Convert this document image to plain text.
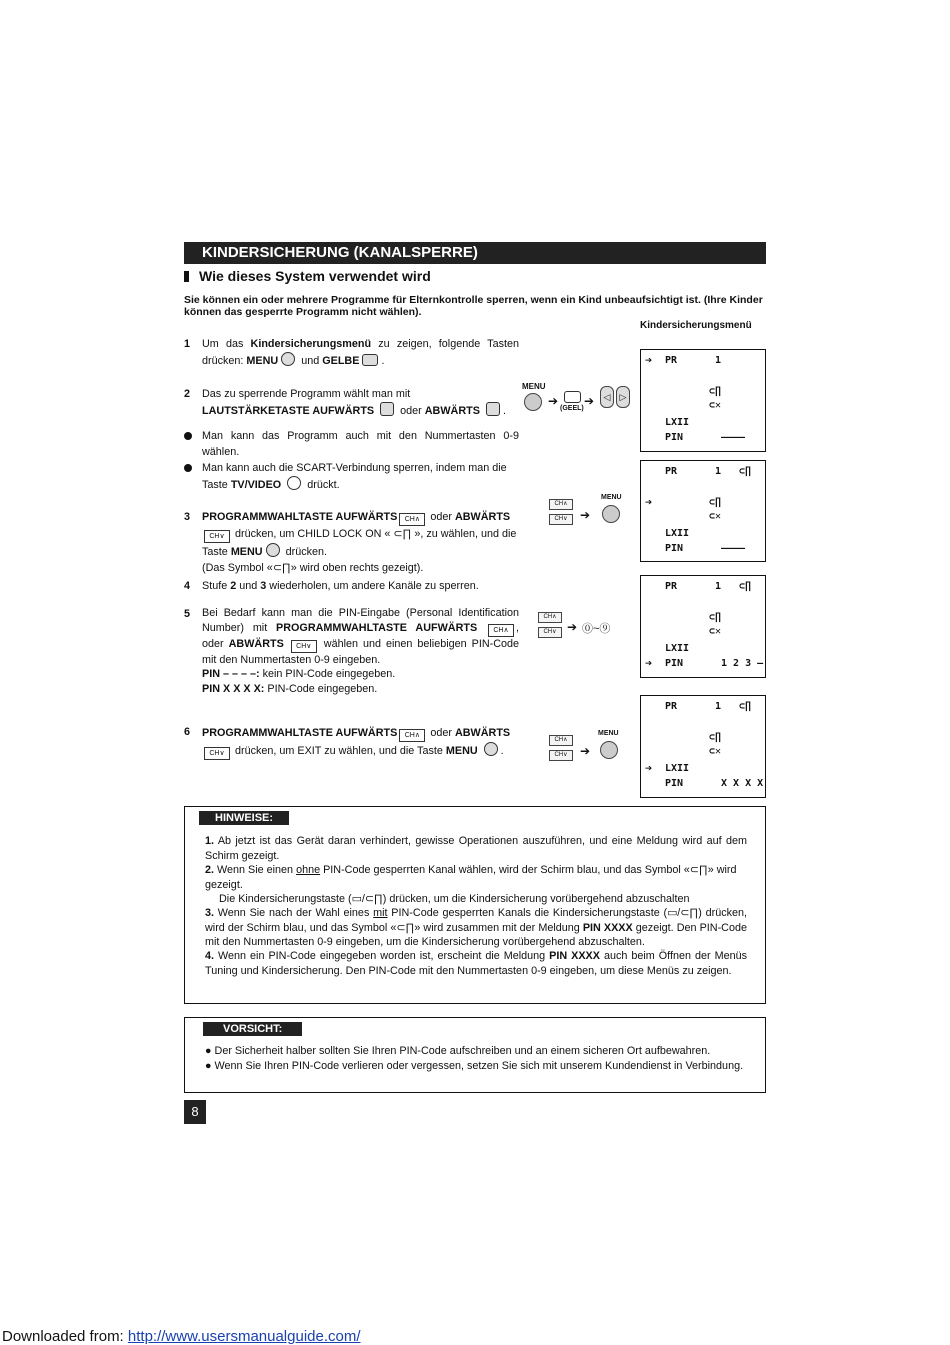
KINDERSICHERUNG (KANALSPERRE)
Wie dieses System verwendet wird
Sie können ein oder mehrere Programme für Elternkontrolle sperren, wenn ein Kind unbeaufsichtigt ist. (Ihre Kinder können das gesperrte Programm nicht wählen).
Kindersicherungsmenü
1 Um das Kindersicherungsmenü zu zeigen, folgende Tasten drücken: MENU und GELBE .
2 Das zu sperrende Programm wählt man mit
LAUTSTÄRKETASTE AUFWÄRTS  oder ABWÄRTS .
Man kann das Programm auch mit den Nummertasten 0-9 wählen.
Man kann auch die SCART-Verbindung sperren, indem man die Taste TV/VIDEO  drückt.
3 PROGRAMMWAHLTASTE AUFWÄRTS CH∧ oder ABWÄRTS
CH∨ drücken, um CHILD LOCK ON « ⊂∏ », zu wählen, und die Taste MENU drücken.
(Das Symbol «⊂∏» wird oben rechts gezeigt).
4 Stufe 2 und 3 wiederholen, um andere Kanäle zu sperren.
5 Bei Bedarf kann man die PIN-Eingabe (Personal Identification Number) mit PROGRAMMWAHLTASTE AUFWÄRTS CH∧ , oder ABWÄRTS CH∨ wählen und einen beliebigen PIN-Code mit den Nummertasten 0-9 eingeben.
PIN – – – –: kein PIN-Code eingegeben.
PIN X X X X: PIN-Code eingegeben.
6 PROGRAMMWAHLTASTE AUFWÄRTS CH∧ oder ABWÄRTS
CH∨ drücken, um EXIT zu wählen, und die Taste MENU .
MENU
➔
(GEEL)
➔	◁	▷
CH∧
CH∨	➔
MENU
CH∧
CH∨ ➔ ⓪~⑨
CH∧
CH∨	➔
MENU
➔ PR	1
⊂∏
⊂✕
LXII
PIN	––––
PR	1 ⊂∏
➔	⊂∏
⊂✕
LXII
PIN	––––
PR	1 ⊂∏
⊂∏
⊂✕
LXII
➔ PIN	1 2 3 –
PR	1 ⊂∏
⊂∏
⊂✕
➔ LXII
PIN	X X X X
HINWEISE:
1. Ab jetzt ist das Gerät daran verhindert, gewisse Operationen auszuführen, und eine Meldung wird auf dem Schirm gezeigt.
2. Wenn Sie einen ohne PIN-Code gesperrten Kanal wählen, wird der Schirm blau, und das Symbol «⊂∏» wird gezeigt.
Die Kindersicherungstaste (▭/⊂∏) drücken, um die Kindersicherung vorübergehend abzuschalten
3. Wenn Sie nach der Wahl eines mit PIN-Code gesperrten Kanals die Kindersicherungstaste (▭/⊂∏) drücken, wird der Schirm blau, und das Symbol «⊂∏» wird zusammen mit der Meldung PIN XXXX gezeigt. Den PIN-Code mit den Nummertasten 0-9 eingeben, um die Kindersicherung vorübergehend abzuschalten.
4. Wenn ein PIN-Code eingegeben worden ist, erscheint die Meldung PIN XXXX auch beim Öffnen der Menüs Tuning und Kindersicherung. Den PIN-Code mit den Nummertasten 0-9 eingeben, um diese Menüs zu zeigen.
VORSICHT:
● Der Sicherheit halber sollten Sie Ihren PIN-Code aufschreiben und an einem sicheren Ort aufbewahren.
● Wenn Sie Ihren PIN-Code verlieren oder vergessen, setzen Sie sich mit unserem Kundendienst in Verbindung.
8
Downloaded from: http://www.usersmanualguide.com/
